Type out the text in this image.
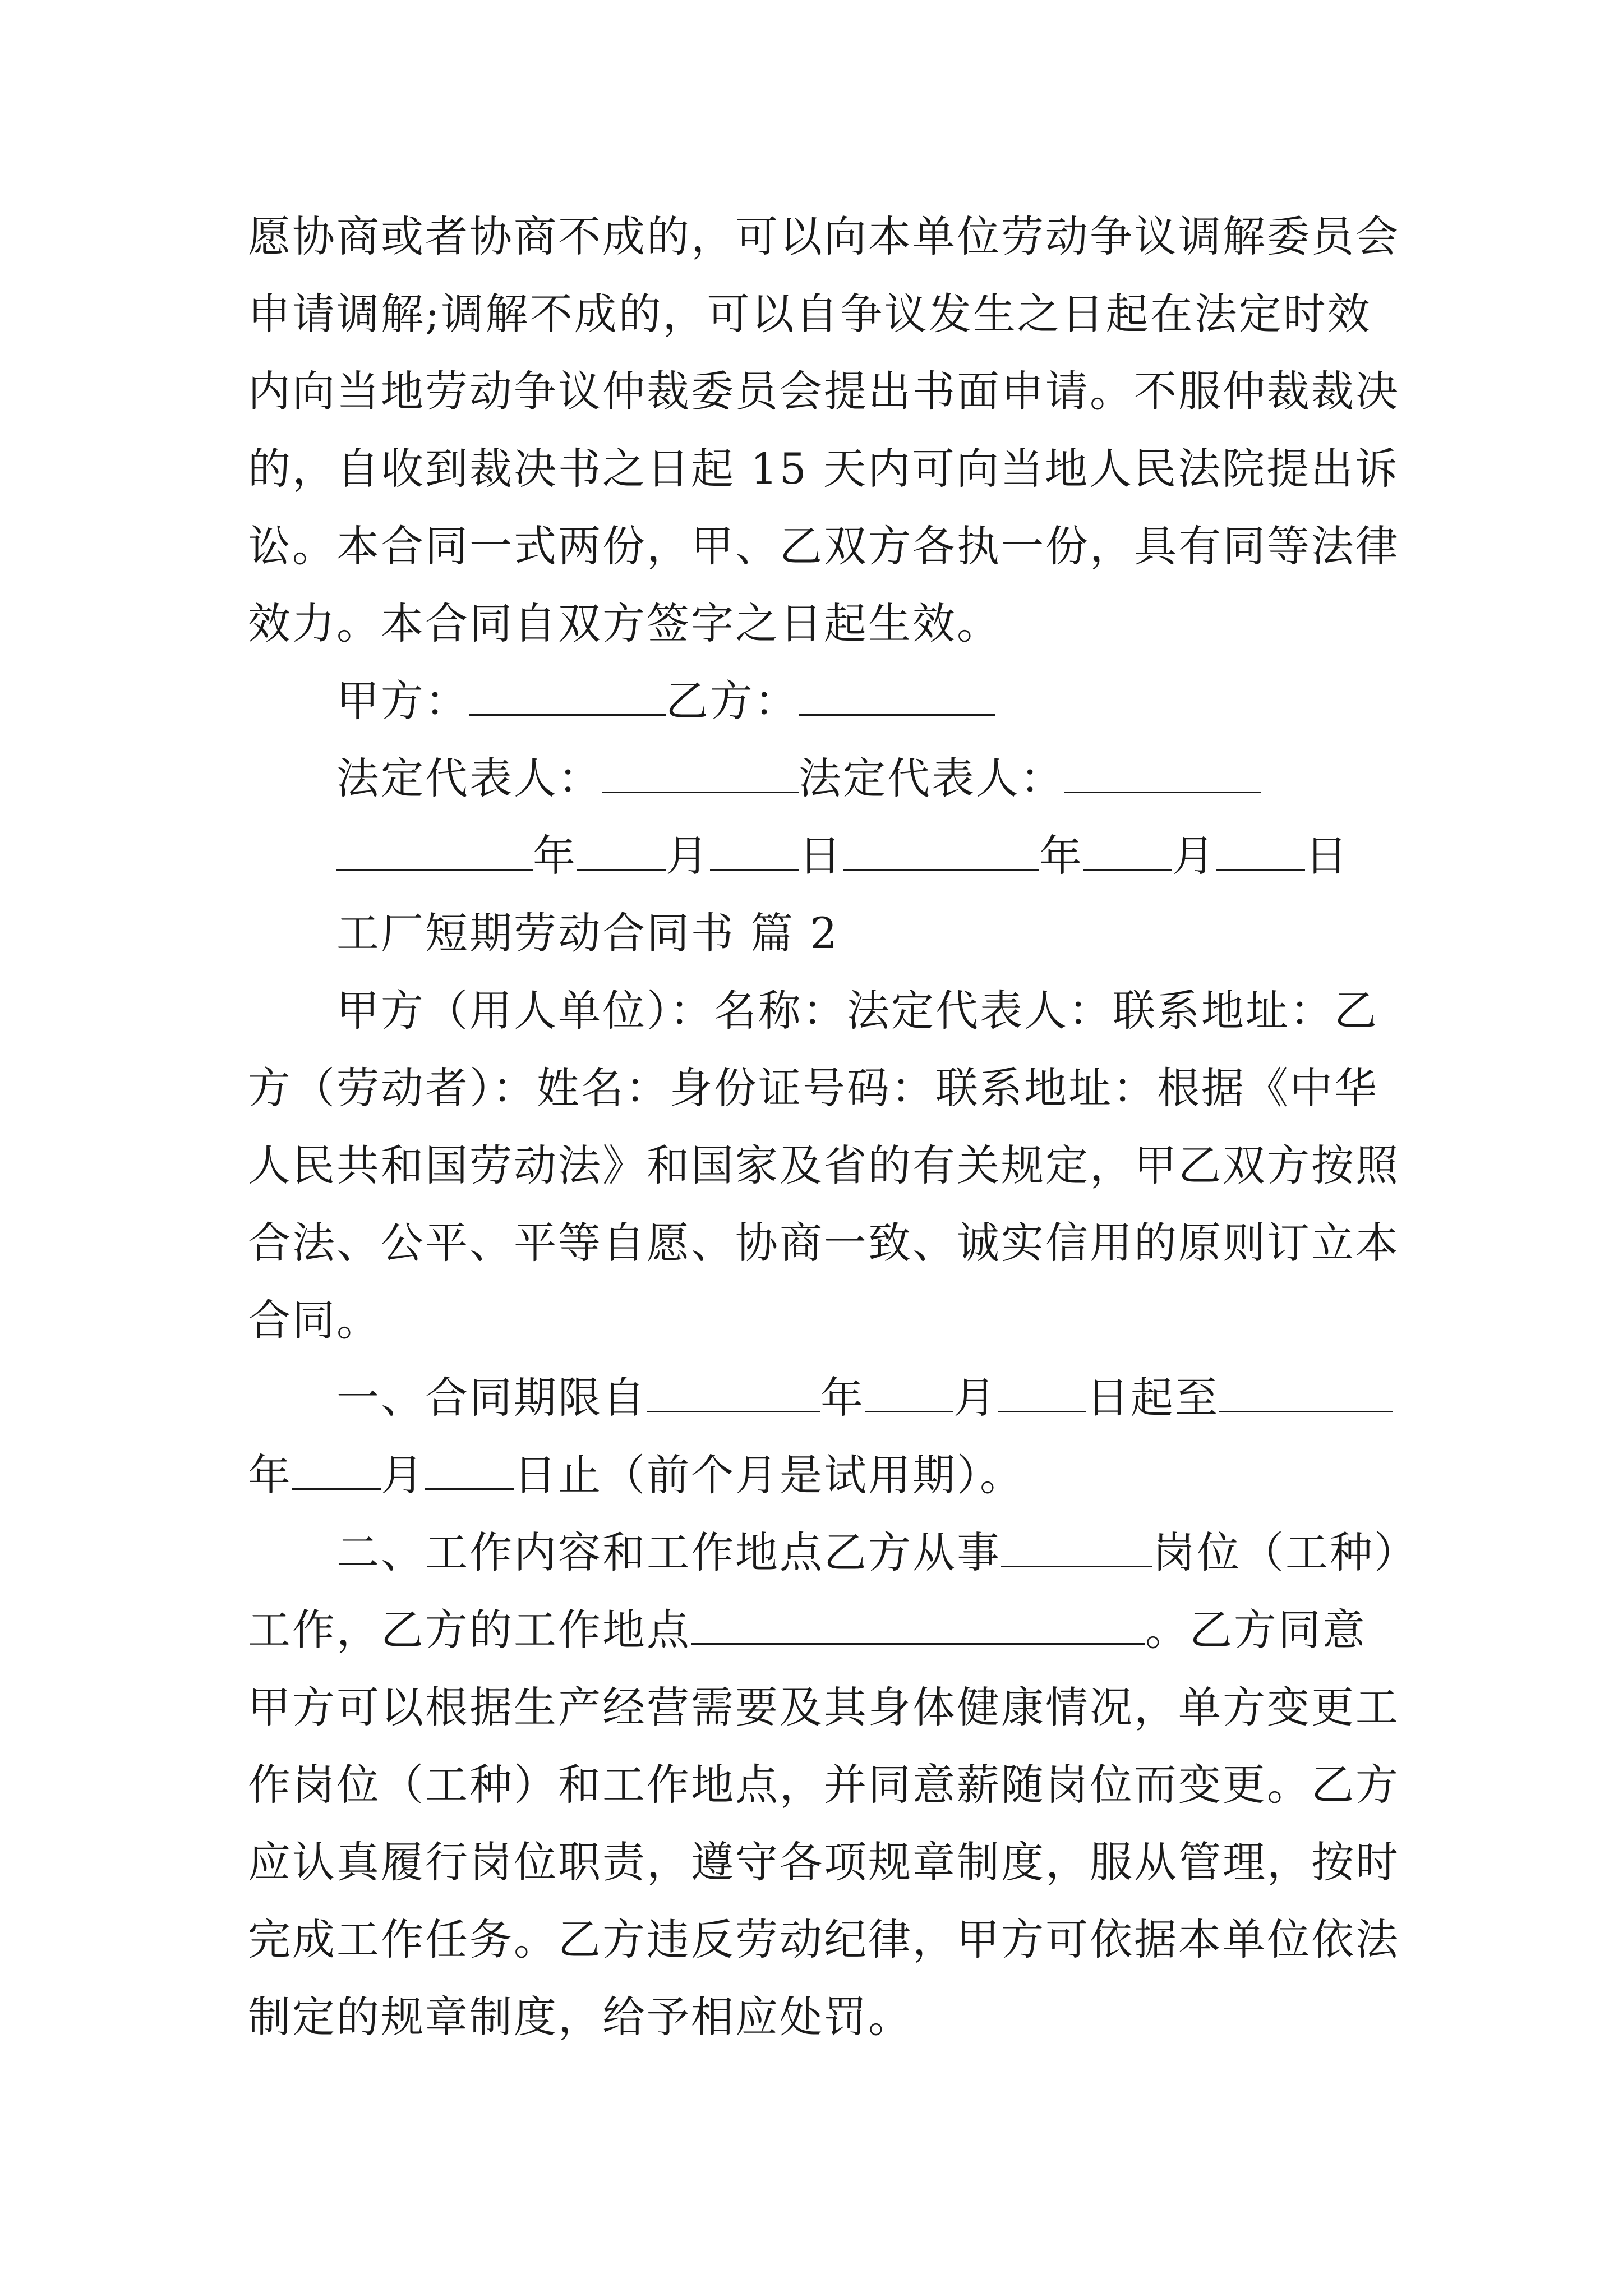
愿协商或者协商不成的，可以向本单位劳动争议调解委员会
申请调解;调解不成的，可以自争议发生之日起在法定时效
内向当地劳动争议仲裁委员会提出书面申请。不服仲裁裁决
的，自收到裁决书之日起 15 天内可向当地人民法院提出诉
讼。本合同一式两份，甲、乙双方各执一份，具有同等法律
效力。本合同自双方签字之日起生效。
甲方：	乙方：
法定代表人：	法定代表人：
年 月 日	年 月 日
工厂短期劳动合同书 篇 2
甲方（用人单位）：名称：法定代表人：联系地址：乙
方（劳动者）：姓名：身份证号码：联系地址：根据《中华
人民共和国劳动法》和国家及省的有关规定，甲乙双方按照
合法、公平、平等自愿、协商一致、诚实信用的原则订立本
合同。
一、合同期限自	年 月 日起至
年 月 日止（前个月是试用期）。
二、工作内容和工作地点乙方从事	岗位（工种）
工作，乙方的工作地点	。乙方同意
甲方可以根据生产经营需要及其身体健康情况，单方变更工
作岗位（工种）和工作地点，并同意薪随岗位而变更。乙方
应认真履行岗位职责，遵守各项规章制度，服从管理，按时
完成工作任务。乙方违反劳动纪律，甲方可依据本单位依法
制定的规章制度，给予相应处罚。
